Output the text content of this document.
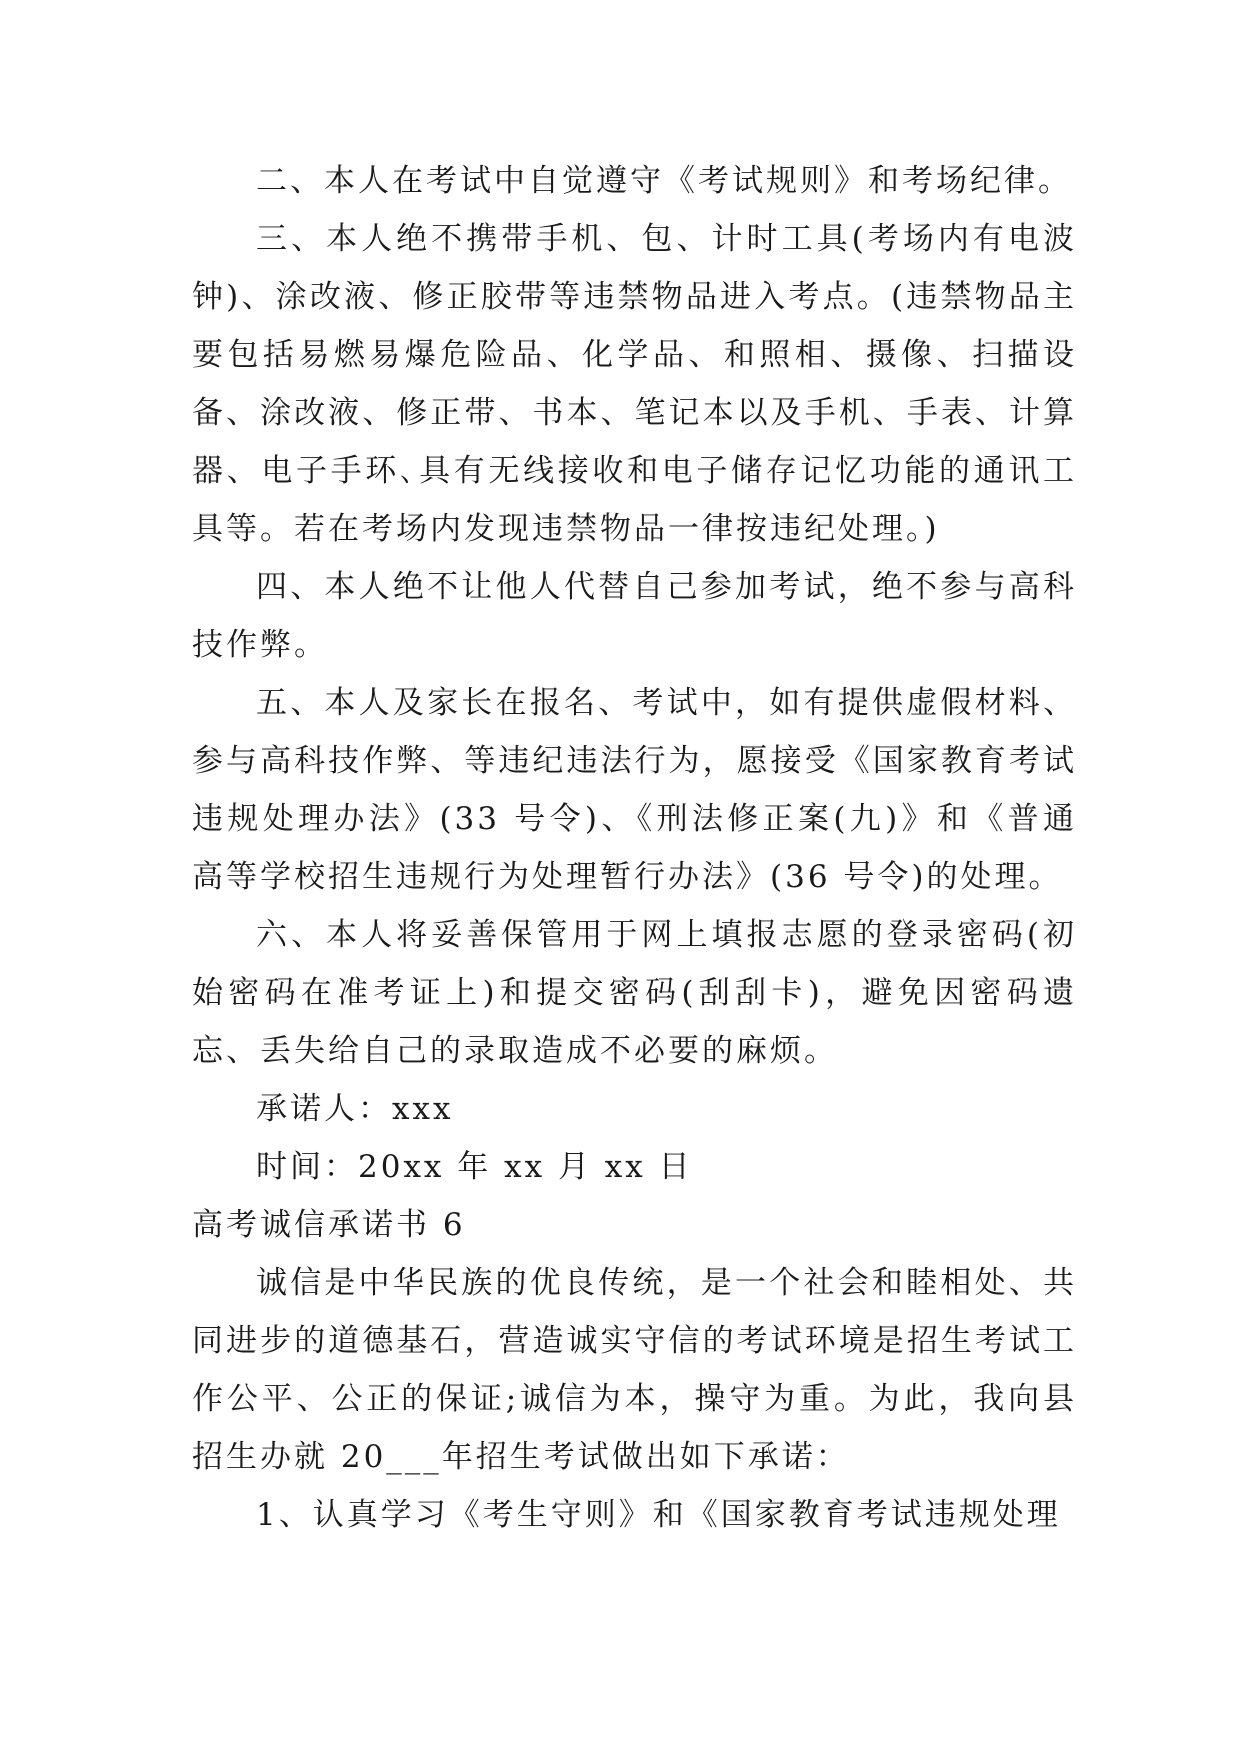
二、本人在考试中自觉遵守《考试规则》和考场纪律。

三、本人绝不携带手机、包、计时工具(考场内有电波钟)、涂改液、修正胶带等违禁物品进入考点。(违禁物品主要包括易燃易爆危险品、化学品、和照相、摄像、扫描设备、涂改液、修正带、书本、笔记本以及手机、手表、计算器、电子手环､具有无线接收和电子储存记忆功能的通讯工具等。若在考场内发现违禁物品一律按违纪处理。)

四、本人绝不让他人代替自己参加考试，绝不参与高科技作弊。

五、本人及家长在报名、考试中，如有提供虚假材料、参与高科技作弊、等违纪违法行为，愿接受《国家教育考试违规处理办法》(33 号令)、《刑法修正案(九)》和《普通高等学校招生违规行为处理暂行办法》(36 号令)的处理。

六、本人将妥善保管用于网上填报志愿的登录密码(初始密码在准考证上)和提交密码(刮刮卡)，避免因密码遗忘、丢失给自己的录取造成不必要的麻烦。

承诺人：xxx

时间：20xx 年 xx 月 xx 日

高考诚信承诺书 6

诚信是中华民族的优良传统，是一个社会和睦相处、共同进步的道德基石，营造诚实守信的考试环境是招生考试工作公平、公正的保证;诚信为本，操守为重。为此，我向县招生办就 20___年招生考试做出如下承诺：

1、认真学习《考生守则》和《国家教育考试违规处理
